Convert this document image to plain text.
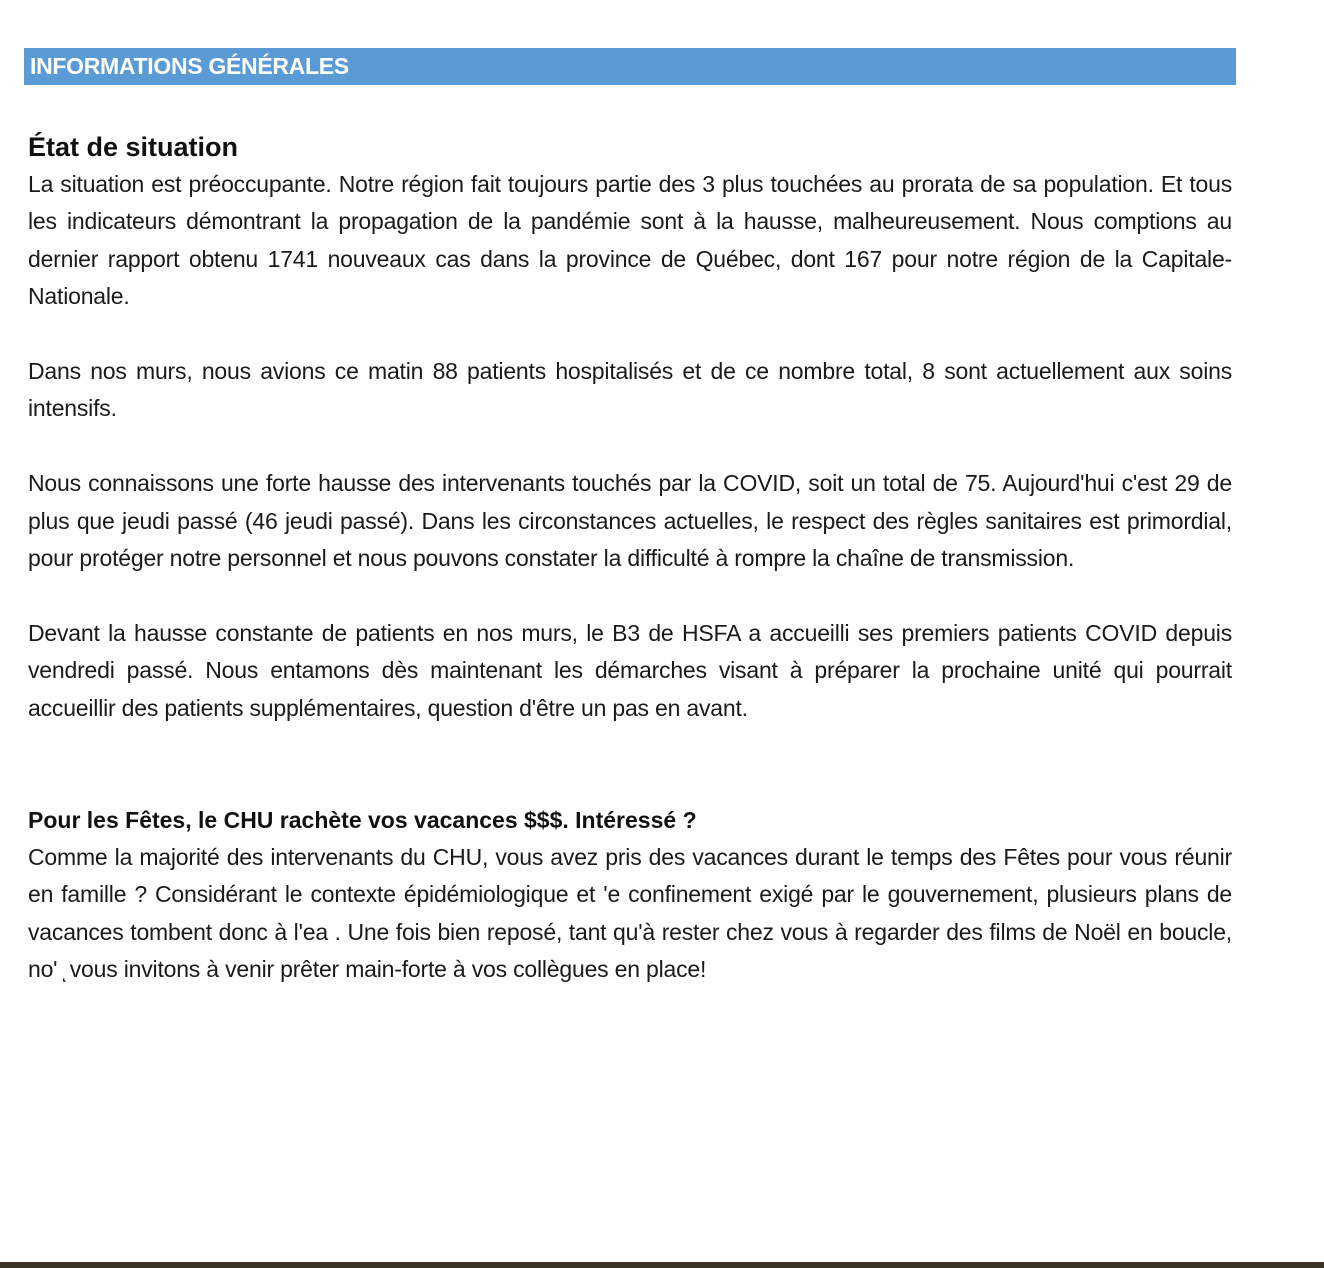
INFORMATIONS GÉNÉRALES
État de situation

La situation est préoccupante. Notre région fait toujours partie des 3 plus touchées au prorata de sa population. Et tous les indicateurs démontrant la propagation de la pandémie sont à la hausse, malheureusement. Nous comptions au dernier rapport obtenu 1741 nouveaux cas dans la province de Québec, dont 167 pour notre région de la Capitale-Nationale.

Dans nos murs, nous avions ce matin 88 patients hospitalisés et de ce nombre total, 8 sont actuellement aux soins intensifs.

Nous connaissons une forte hausse des intervenants touchés par la COVID, soit un total de 75. Aujourd'hui c'est 29 de plus que jeudi passé (46 jeudi passé). Dans les circonstances actuelles, le respect des règles sanitaires est primordial, pour protéger notre personnel et nous pouvons constater la difficulté à rompre la chaîne de transmission.

Devant la hausse constante de patients en nos murs, le B3 de HSFA a accueilli ses premiers patients COVID depuis vendredi passé. Nous entamons dès maintenant les démarches visant à préparer la prochaine unité qui pourrait accueillir des patients supplémentaires, question d'être un pas en avant.

Pour les Fêtes, le CHU rachète vos vacances $$$. Intéressé ?

Comme la majorité des intervenants du CHU, vous avez pris des vacances durant le temps des Fêtes pour vous réunir en famille ? Considérant le contexte épidémiologique et 'e confinement exigé par le gouvernement, plusieurs plans de vacances tombent donc à l'ea . Une fois bien reposé, tant qu'à rester chez vous à regarder des films de Noël en boucle, no' ͅ vous invitons à venir prêter main-forte à vos collègues en place!
